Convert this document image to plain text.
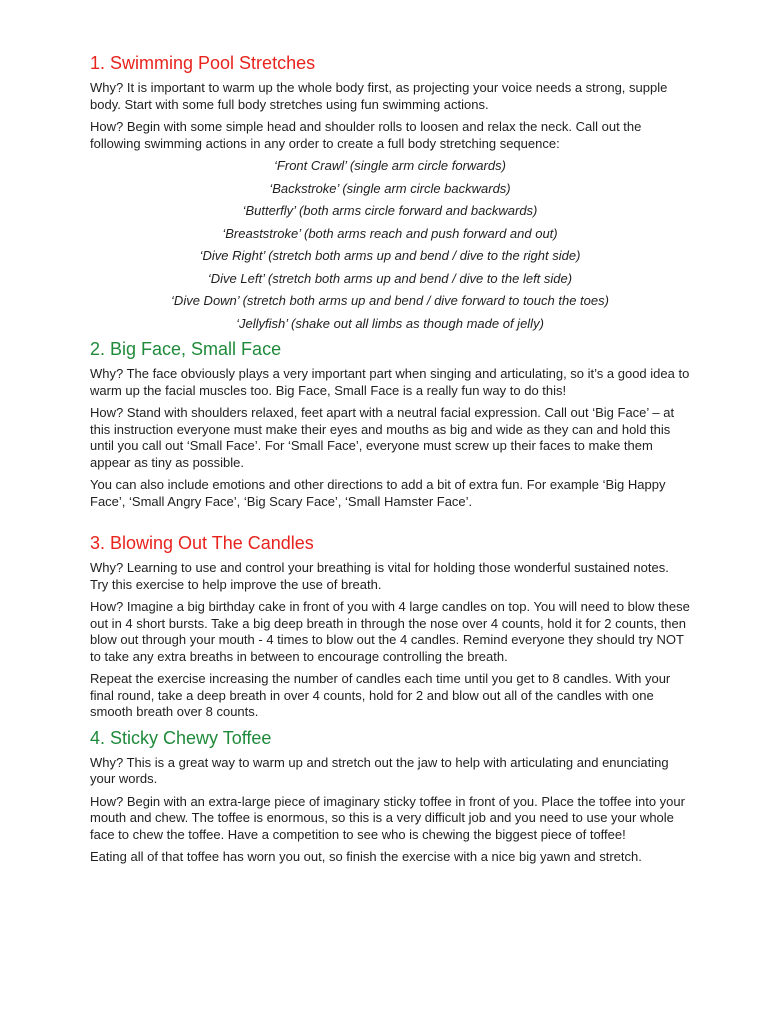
1. Swimming Pool Stretches

Why? It is important to warm up the whole body first, as projecting your voice needs a strong, supple body. Start with some full body stretches using fun swimming actions.

How? Begin with some simple head and shoulder rolls to loosen and relax the neck. Call out the following swimming actions in any order to create a full body stretching sequence:

‘Front Crawl’ (single arm circle forwards)

‘Backstroke’ (single arm circle backwards)

‘Butterfly’ (both arms circle forward and backwards)

‘Breaststroke’ (both arms reach and push forward and out)

‘Dive Right’ (stretch both arms up and bend / dive to the right side)

‘Dive Left’ (stretch both arms up and bend / dive to the left side)

‘Dive Down’ (stretch both arms up and bend / dive forward to touch the toes)

‘Jellyfish’ (shake out all limbs as though made of jelly)

2. Big Face, Small Face

Why? The face obviously plays a very important part when singing and articulating, so it’s a good idea to warm up the facial muscles too. Big Face, Small Face is a really fun way to do this!

How? Stand with shoulders relaxed, feet apart with a neutral facial expression. Call out ‘Big Face’ – at this instruction everyone must make their eyes and mouths as big and wide as they can and hold this until you call out ‘Small Face’. For ‘Small Face’, everyone must screw up their faces to make them appear as tiny as possible.

You can also include emotions and other directions to add a bit of extra fun. For example ‘Big Happy Face’, ‘Small Angry Face’, ‘Big Scary Face’, ‘Small Hamster Face’.

3. Blowing Out The Candles

Why? Learning to use and control your breathing is vital for holding those wonderful sustained notes. Try this exercise to help improve the use of breath.

How? Imagine a big birthday cake in front of you with 4 large candles on top. You will need to blow these out in 4 short bursts. Take a big deep breath in through the nose over 4 counts, hold it for 2 counts, then blow out through your mouth - 4 times to blow out the 4 candles. Remind everyone they should try NOT to take any extra breaths in between to encourage controlling the breath.

Repeat the exercise increasing the number of candles each time until you get to 8 candles. With your final round, take a deep breath in over 4 counts, hold for 2 and blow out all of the candles with one smooth breath over 8 counts.

4. Sticky Chewy Toffee

Why? This is a great way to warm up and stretch out the jaw to help with articulating and enunciating your words.

How? Begin with an extra-large piece of imaginary sticky toffee in front of you. Place the toffee into your mouth and chew. The toffee is enormous, so this is a very difficult job and you need to use your whole face to chew the toffee. Have a competition to see who is chewing the biggest piece of toffee!

Eating all of that toffee has worn you out, so finish the exercise with a nice big yawn and stretch.
